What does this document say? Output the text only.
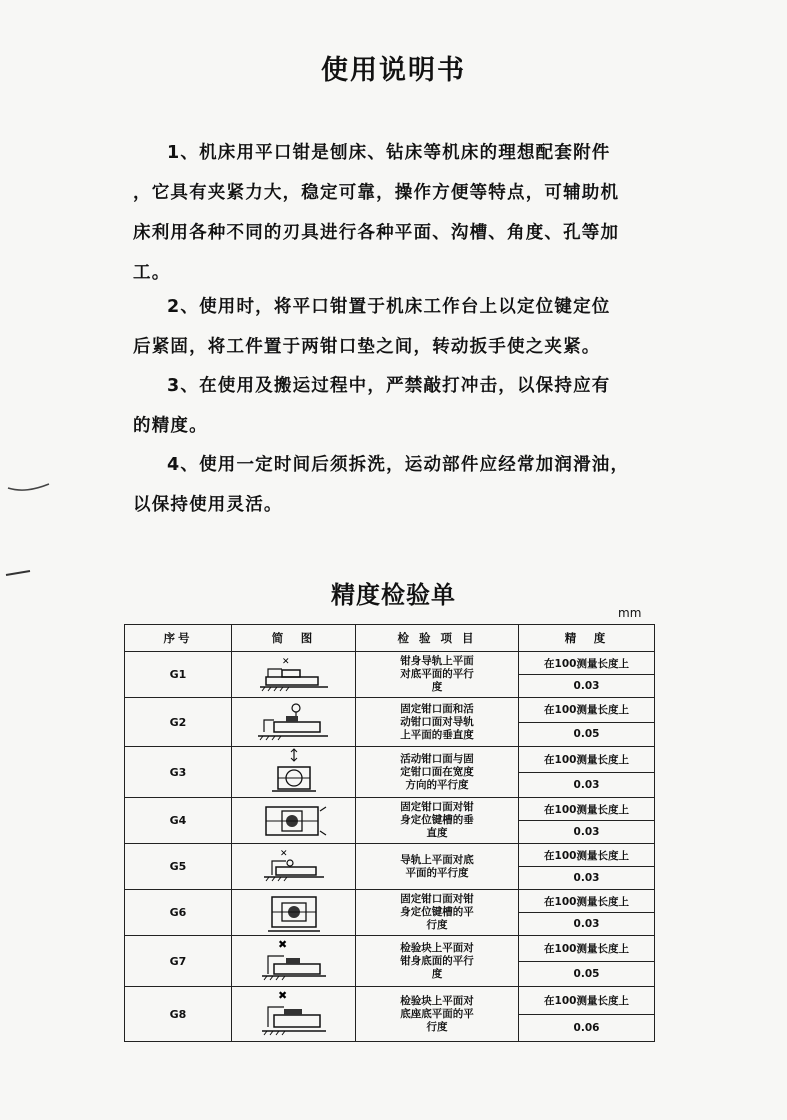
使用说明书
1、机床用平口钳是刨床、钻床等机床的理想配套附件
，它具有夹紧力大，稳定可靠，操作方便等特点，可辅助机
床利用各种不同的刃具进行各种平面、沟槽、角度、孔等加
工。
2、使用时，将平口钳置于机床工作台上以定位键定位
后紧固，将工件置于两钳口垫之间，转动扳手使之夹紧。
3、在使用及搬运过程中，严禁敲打冲击，以保持应有
的精度。
4、使用一定时间后须拆洗，运动部件应经常加润滑油，
以保持使用灵活。
精度检验单
mm
序号	简　图	检 验 项 目	精　度
G1	✕	钳身导轨上平面
对底平面的平行
度	在100测量长度上
			0.03
G2		固定钳口面和活
动钳口面对导轨
上平面的垂直度	在100测量长度上
			0.05
G3		活动钳口面与固
定钳口面在宽度
方向的平行度	在100测量长度上
			0.03
G4		固定钳口面对钳
身定位键槽的垂
直度	在100测量长度上
			0.03
G5	✕	导轨上平面对底
平面的平行度	在100测量长度上
			0.03
G6		固定钳口面对钳
身定位键槽的平
行度	在100测量长度上
			0.03
G7	✖	检验块上平面对
钳身底面的平行
度	在100测量长度上
			0.05
G8	✖	检验块上平面对
底座底平面的平
行度	在100测量长度上
			0.06
